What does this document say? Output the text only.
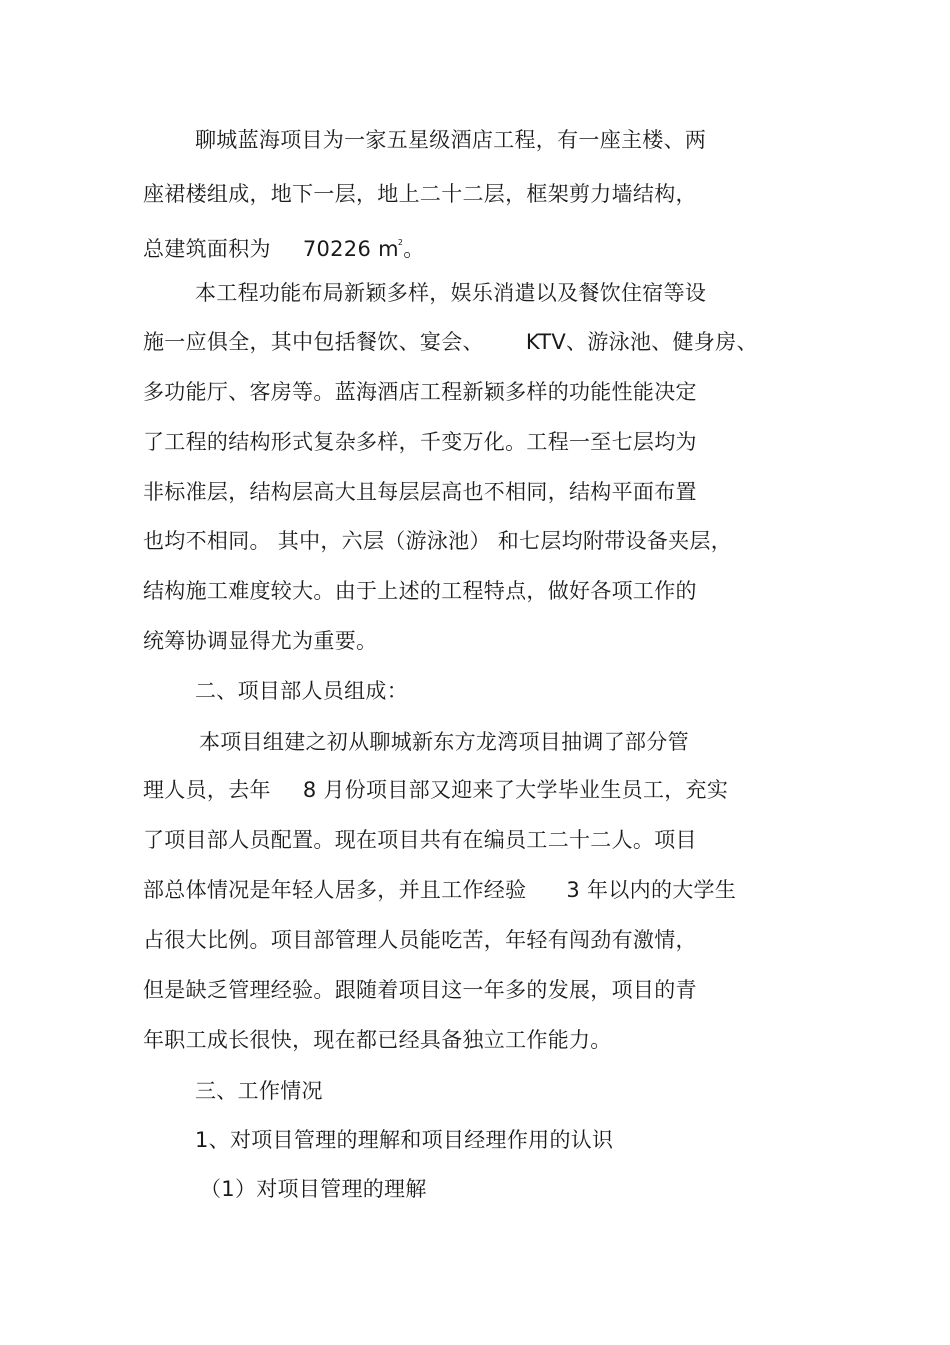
聊城蓝海项目为一家五星级酒店工程，有一座主楼、两
座裙楼组成，地下一层，地上二十二层，框架剪力墙结构，
总建筑面积为 70226 $m^2$。
本工程功能布局新颖多样，娱乐消遣以及餐饮住宿等设
施一应俱全，其中包括餐饮、宴会、 KTV、游泳池、健身房、
多功能厅、客房等。蓝海酒店工程新颖多样的功能性能决定
了工程的结构形式复杂多样，千变万化。工程一至七层均为
非标准层，结构层高大且每层层高也不相同，结构平面布置
也均不相同。 其中，六层（游泳池） 和七层均附带设备夹层，
结构施工难度较大。由于上述的工程特点，做好各项工作的
统筹协调显得尤为重要。
二、项目部人员组成：
本项目组建之初从聊城新东方龙湾项目抽调了部分管
理人员，去年 8 月份项目部又迎来了大学毕业生员工，充实
了项目部人员配置。现在项目共有在编员工二十二人。项目
部总体情况是年轻人居多，并且工作经验 3 年以内的大学生
占很大比例。项目部管理人员能吃苦，年轻有闯劲有激情，
但是缺乏管理经验。跟随着项目这一年多的发展，项目的青
年职工成长很快，现在都已经具备独立工作能力。
三、工作情况
1、对项目管理的理解和项目经理作用的认识
（1）对项目管理的理解
